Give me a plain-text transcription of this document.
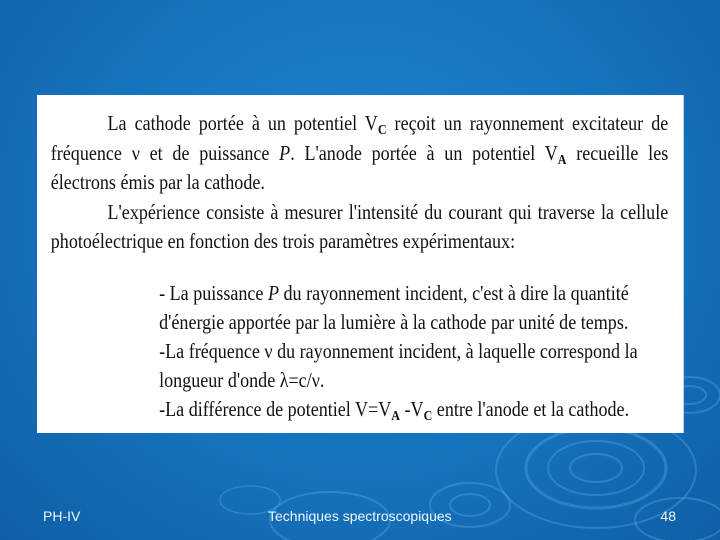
La cathode portée à un potentiel $V_C$ reçoit un rayonnement excitateur de fréquence ν et de puissance P. L'anode portée à un potentiel $V_A$ recueille les électrons émis par la cathode.

L'expérience consiste à mesurer l'intensité du courant qui traverse la cellule photoélectrique en fonction des trois paramètres expérimentaux:

- La puissance P du rayonnement incident, c'est à dire la quantité d'énergie apportée par la lumière à la cathode par unité de temps.
-La fréquence ν du rayonnement incident, à laquelle correspond la longueur d'onde λ=c/ν.
-La différence de potentiel $V=V_A$ $-V_C$ entre l'anode et la cathode.
PH-IV	Techniques spectroscopiques	48
